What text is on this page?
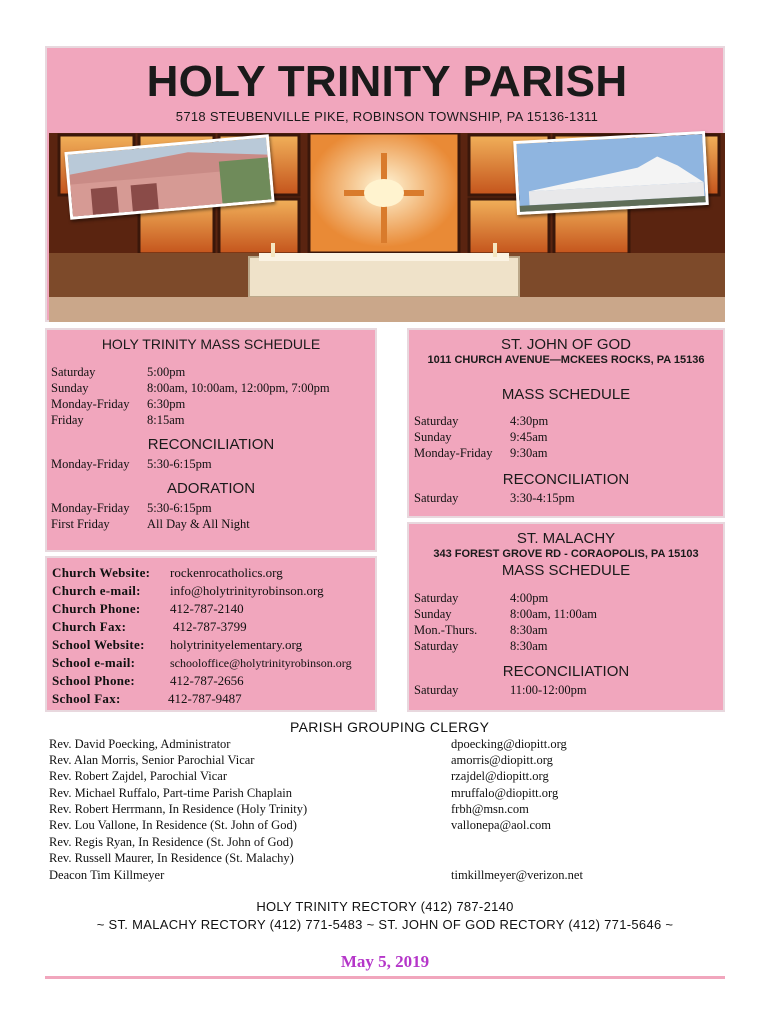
HOLY TRINITY PARISH
5718 STEUBENVILLE PIKE, ROBINSON TOWNSHIP, PA 15136-1311
HOLY TRINITY MASS SCHEDULE
Saturday	5:00pm
Sunday	8:00am, 10:00am, 12:00pm, 7:00pm
Monday-Friday 6:30pm
Friday	8:15am
RECONCILIATION
Monday-Friday 5:30-6:15pm
ADORATION
Monday-Friday 5:30-6:15pm
First Friday	All Day & All Night
Church Website: rockenrocatholics.org
Church e-mail: info@holytrinityrobinson.org
Church Phone: 412-787-2140
Church Fax:	412-787-3799
School Website: holytrinityelementary.org
School e-mail:	schooloffice@holytrinityrobinson.org
School Phone:	412-787-2656
School Fax:	412-787-9487
ST. JOHN OF GOD
1011 CHURCH AVENUE—MCKEES ROCKS, PA 15136
MASS SCHEDULE
Saturday	4:30pm
Sunday	9:45am
Monday-Friday 9:30am
RECONCILIATION
Saturday	3:30-4:15pm
ST. MALACHY
343 FOREST GROVE RD - CORAOPOLIS, PA 15103
MASS SCHEDULE
Saturday	4:00pm
Sunday	8:00am, 11:00am
Mon.-Thurs.	8:30am
Saturday	8:30am
RECONCILIATION
Saturday	11:00-12:00pm
PARISH GROUPING CLERGY
Rev. David Poecking, Administrator	dpoecking@diopitt.org
Rev. Alan Morris, Senior Parochial Vicar	amorris@diopitt.org
Rev. Robert Zajdel, Parochial Vicar	rzajdel@diopitt.org
Rev. Michael Ruffalo, Part-time Parish Chaplain	mruffalo@diopitt.org
Rev. Robert Herrmann, In Residence (Holy Trinity)	frbh@msn.com
Rev. Lou Vallone, In Residence (St. John of God)	vallonepa@aol.com
Rev. Regis Ryan, In Residence (St. John of God)
Rev. Russell Maurer, In Residence (St. Malachy)
Deacon Tim Killmeyer	timkillmeyer@verizon.net
HOLY TRINITY RECTORY (412) 787-2140
~ ST. MALACHY RECTORY (412) 771-5483 ~ ST. JOHN OF GOD RECTORY (412) 771-5646 ~
May 5, 2019
